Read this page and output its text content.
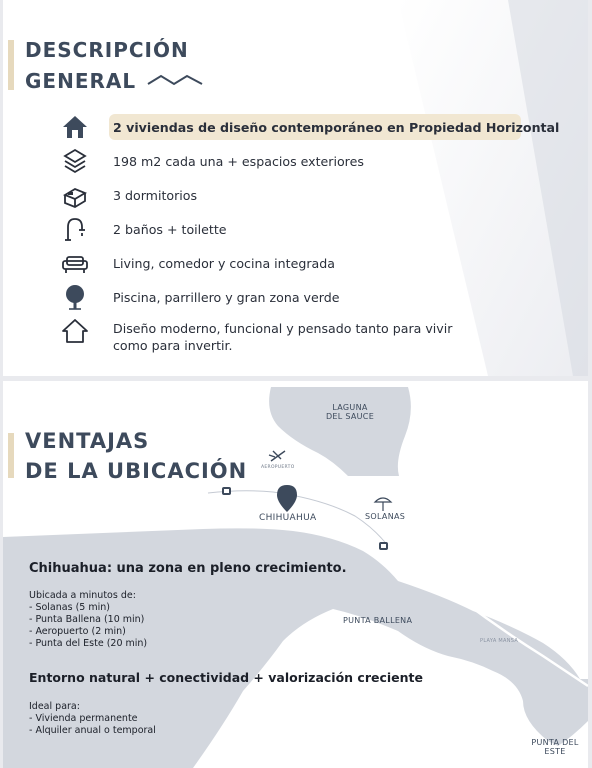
DESCRIPCIÓN
GENERAL
2 viviendas de diseño contemporáneo en Propiedad Horizontal
198 m2 cada una + espacios exteriores
3 dormitorios
2 baños + toilette
Living, comedor y cocina integrada
Piscina, parrillero y gran zona verde
Diseño moderno, funcional y pensado tanto para vivir
como para invertir.
LAGUNA
DEL SAUCE
AEROPUERTO
CHIHUAHUA	SOLANAS
PUNTA BALLENA
PLAYA MANSA
PUNTA DEL ESTE
VENTAJAS
DE LA UBICACIÓN
Chihuahua: una zona en pleno crecimiento.
Ubicada a minutos de:
- Solanas (5 min)
- Punta Ballena (10 min)
- Aeropuerto (2 min)
- Punta del Este (20 min)
Entorno natural + conectividad + valorización creciente
Ideal para:
- Vivienda permanente
- Alquiler anual o temporal
